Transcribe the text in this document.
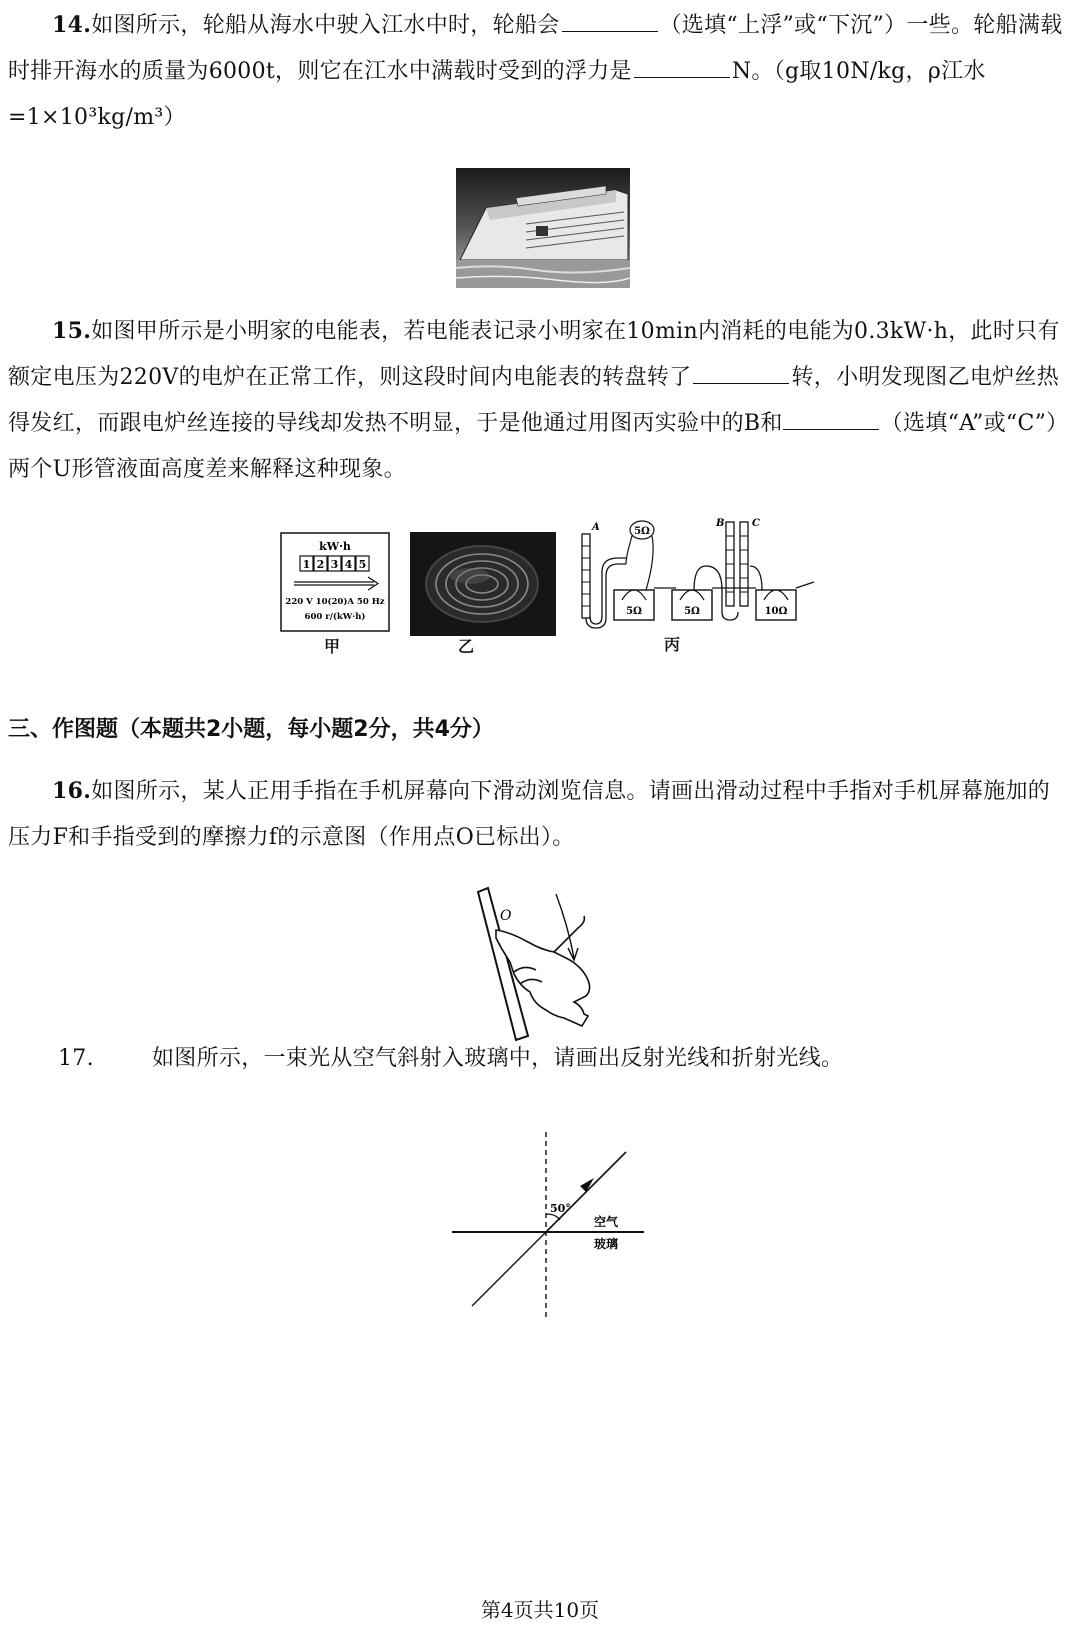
14.如图所示，轮船从海水中驶入江水中时，轮船会	（选填“上浮”或“下沉”）一些。轮船满载时排开海水的质量为6000t，则它在江水中满载时受到的浮力是	N。（g取10N/kg，ρ江水=1×10³kg/m³）

15.如图甲所示是小明家的电能表，若电能表记录小明家在10min内消耗的电能为0.3kW·h，此时只有额定电压为220V的电炉在正常工作，则这段时间内电能表的转盘转了	转，小明发现图乙电炉丝热得发红，而跟电炉丝连接的导线却发热不明显，于是他通过用图丙实验中的B和	（选填“A”或“C”）两个U形管液面高度差来解释这种现象。

kW·h
1 2 3 4 5
220 V 10(20)A 50 Hz
600 r/(kW·h)
甲	乙
A	5Ω
B	C
5Ω	5Ω	10Ω
丙
三、作图题（本题共2小题，每小题2分，共4分）

16.如图所示，某人正用手指在手机屏幕向下滑动浏览信息。请画出滑动过程中手指对手机屏幕施加的压力F和手指受到的摩擦力f的示意图（作用点O已标出）。

O

17.	如图所示，一束光从空气斜射入玻璃中，请画出反射光线和折射光线。

50°
空气
玻璃
第4页共10页
